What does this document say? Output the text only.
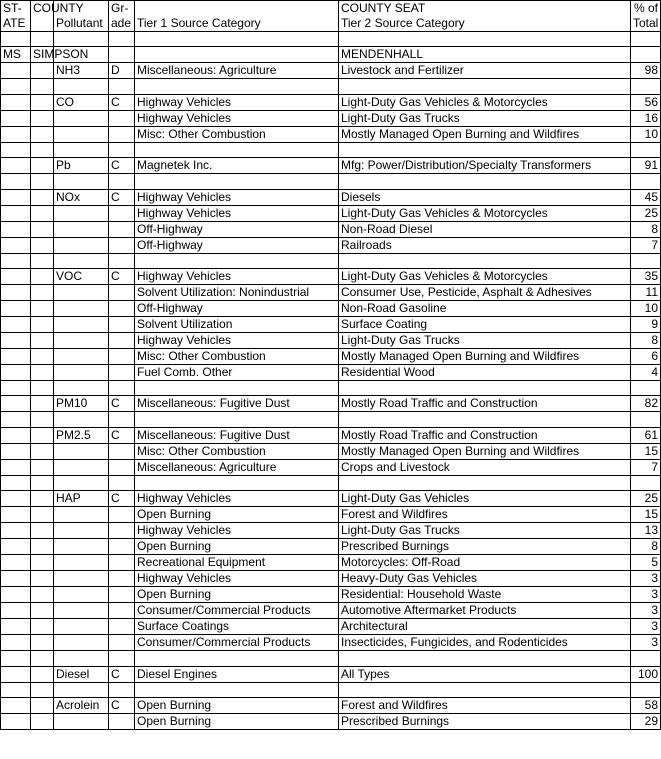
ST-	COUNTY		Gr-		COUNTY SEAT	% of
ATE		Pollutant	ade	Tier 1 Source Category	Tier 2 Source Category	Total

MS	SIMPSON				MENDENHALL	
		NH3	D	Miscellaneous: Agriculture	Livestock and Fertilizer	98

		CO	C	Highway Vehicles	Light-Duty Gas Vehicles & Motorcycles	56
				Highway Vehicles	Light-Duty Gas Trucks	16
				Misc: Other Combustion	Mostly Managed Open Burning and Wildfires	10

		Pb	C	Magnetek Inc.	Mfg: Power/Distribution/Specialty Transformers	91

		NOx	C	Highway Vehicles	Diesels	45
				Highway Vehicles	Light-Duty Gas Vehicles & Motorcycles	25
				Off-Highway	Non-Road Diesel	8
				Off-Highway	Railroads	7

		VOC	C	Highway Vehicles	Light-Duty Gas Vehicles & Motorcycles	35
				Solvent Utilization: Nonindustrial	Consumer Use, Pesticide, Asphalt & Adhesives	11
				Off-Highway	Non-Road Gasoline	10
				Solvent Utilization	Surface Coating	9
				Highway Vehicles	Light-Duty Gas Trucks	8
				Misc: Other Combustion	Mostly Managed Open Burning and Wildfires	6
				Fuel Comb. Other	Residential Wood	4

		PM10	C	Miscellaneous: Fugitive Dust	Mostly Road Traffic and Construction	82

		PM2.5	C	Miscellaneous: Fugitive Dust	Mostly Road Traffic and Construction	61
				Misc: Other Combustion	Mostly Managed Open Burning and Wildfires	15
				Miscellaneous: Agriculture	Crops and Livestock	7

		HAP	C	Highway Vehicles	Light-Duty Gas Vehicles	25
				Open Burning	Forest and Wildfires	15
				Highway Vehicles	Light-Duty Gas Trucks	13
				Open Burning	Prescribed Burnings	8
				Recreational Equipment	Motorcycles: Off-Road	5
				Highway Vehicles	Heavy-Duty Gas Vehicles	3
				Open Burning	Residential: Household Waste	3
				Consumer/Commercial Products	Automotive Aftermarket Products	3
				Surface Coatings	Architectural	3
				Consumer/Commercial Products	Insecticides, Fungicides, and Rodenticides	3

		Diesel	C	Diesel Engines	All Types	100

		Acrolein	C	Open Burning	Forest and Wildfires	58
				Open Burning	Prescribed Burnings	29
